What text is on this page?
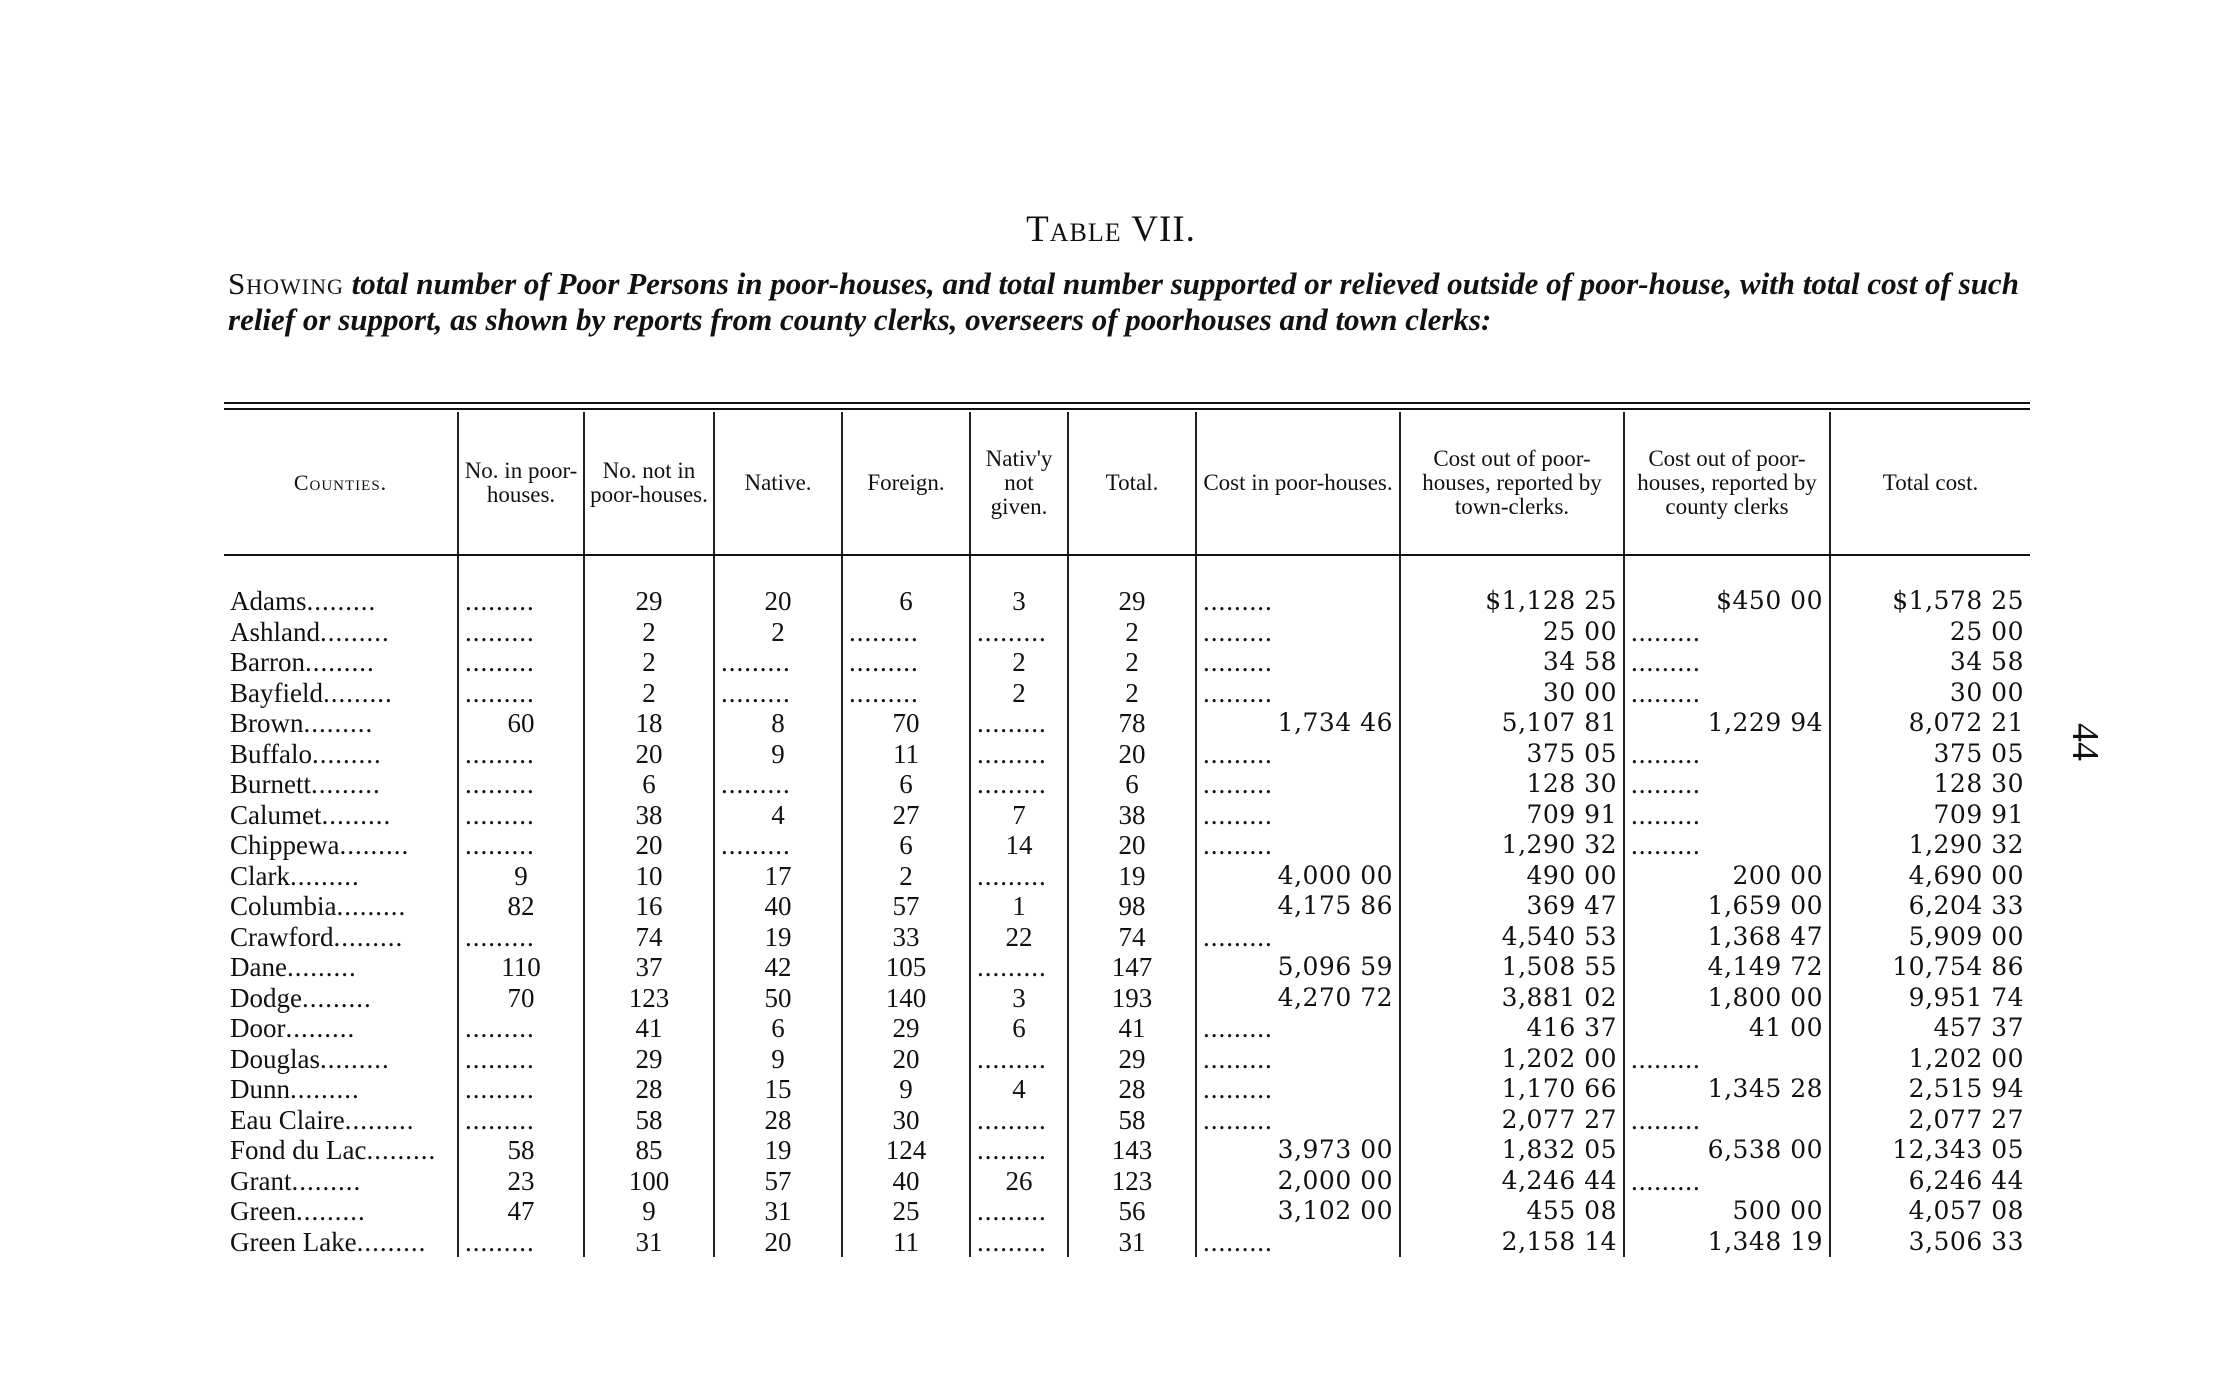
Table VII.
Showing total number of Poor Persons in poor-houses, and total number supported or relieved outside of poor-house, with total cost of such relief or support, as shown by reports from county clerks, overseers of poorhouses and town clerks:
Counties.	No. in poor-houses.	No. not in poor-houses.	Native.	Foreign.	Nativ'y not given.	Total.	Cost in poor-houses.	Cost out of poor-houses, reported by town-clerks.	Cost out of poor-houses, reported by county clerks	Total cost.

Adams.........	.........	29	20	6	3	29	.........	$1,128 25	$450 00	$1,578 25
Ashland.........	.........	2	2	.........	.........	2	.........	25 00	.........	25 00
Barron.........	.........	2	.........	.........	2	2	.........	34 58	.........	34 58
Bayfield.........	.........	2	.........	.........	2	2	.........	30 00	.........	30 00
Brown.........	60	18	8	70	.........	78	1,734 46	5,107 81	1,229 94	8,072 21
Buffalo.........	.........	20	9	11	.........	20	.........	375 05	.........	375 05
Burnett.........	.........	6	.........	6	.........	6	.........	128 30	.........	128 30
Calumet.........	.........	38	4	27	7	38	.........	709 91	.........	709 91
Chippewa.........	.........	20	.........	6	14	20	.........	1,290 32	.........	1,290 32
Clark.........	9	10	17	2	.........	19	4,000 00	490 00	200 00	4,690 00
Columbia.........	82	16	40	57	1	98	4,175 86	369 47	1,659 00	6,204 33
Crawford.........	.........	74	19	33	22	74	.........	4,540 53	1,368 47	5,909 00
Dane.........	110	37	42	105	.........	147	5,096 59	1,508 55	4,149 72	10,754 86
Dodge.........	70	123	50	140	3	193	4,270 72	3,881 02	1,800 00	9,951 74
Door.........	.........	41	6	29	6	41	.........	416 37	41 00	457 37
Douglas.........	.........	29	9	20	.........	29	.........	1,202 00	.........	1,202 00
Dunn.........	.........	28	15	9	4	28	.........	1,170 66	1,345 28	2,515 94
Eau Claire.........	.........	58	28	30	.........	58	.........	2,077 27	.........	2,077 27
Fond du Lac.........	58	85	19	124	.........	143	3,973 00	1,832 05	6,538 00	12,343 05
Grant.........	23	100	57	40	26	123	2,000 00	4,246 44	.........	6,246 44
Green.........	47	9	31	25	.........	56	3,102 00	455 08	500 00	4,057 08
Green Lake.........	.........	31	20	11	.........	31	.........	2,158 14	1,348 19	3,506 33
44
